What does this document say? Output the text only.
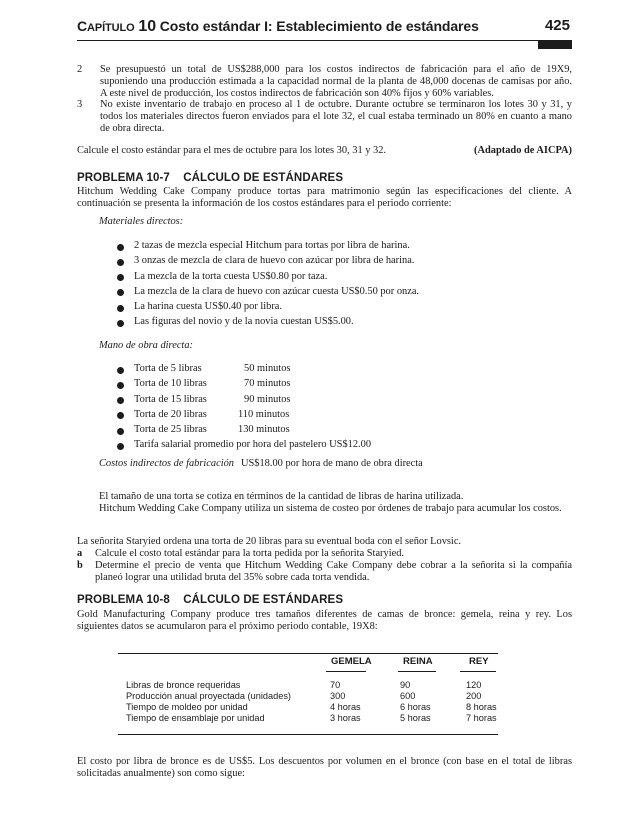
CAPÍTULO 10 Costo estándar I: Establecimiento de estándares	425
2	Se presupuestó un total de US$288,000 para los costos indirectos de fabricación para el año de 19X9, suponiendo una producción estimada a la capacidad normal de la planta de 48,000 docenas de camisas por año. A este nivel de producción, los costos indirectos de fabricación son 40% fijos y 60% variables.
3	No existe inventario de trabajo en proceso al 1 de octubre. Durante octubre se terminaron los lotes 30 y 31, y todos los materiales directos fueron enviados para el lote 32, el cual estaba terminado un 80% en cuanto a mano de obra directa.
Calcule el costo estándar para el mes de octubre para los lotes 30, 31 y 32.	(Adaptado de AICPA)
PROBLEMA 10-7 CÁLCULO DE ESTÁNDARES
Hitchum Wedding Cake Company produce tortas para matrimonio según las especificaciones del cliente. A continuación se presenta la información de los costos estándares para el periodo corriente:
Materiales directos:
2 tazas de mezcla especial Hitchum para tortas por libra de harina.
3 onzas de mezcla de clara de huevo con azúcar por libra de harina.
La mezcla de la torta cuesta US$0.80 por taza.
La mezcla de la clara de huevo con azúcar cuesta US$0.50 por onza.
La harina cuesta US$0.40 por libra.
Las figuras del novio y de la novia cuestan US$5.00.
Mano de obra directa:
Torta de 5 libras	50 minutos
Torta de 10 libras	70 minutos
Torta de 15 libras	90 minutos
Torta de 20 libras	110 minutos
Torta de 25 libras	130 minutos
Tarifa salarial promedio por hora del pastelero US$12.00
Costos indirectos de fabricación US$18.00 por hora de mano de obra directa
El tamaño de una torta se cotiza en términos de la cantidad de libras de harina utilizada.
Hitchum Wedding Cake Company utiliza un sistema de costeo por órdenes de trabajo para acumular los costos.
La señorita Staryied ordena una torta de 20 libras para su eventual boda con el señor Lovsic.
a	Calcule el costo total estándar para la torta pedida por la señorita Staryied.
b	Determine el precio de venta que Hitchum Wedding Cake Company debe cobrar a la señorita si la compañía planeó lograr una utilidad bruta del 35% sobre cada torta vendida.
PROBLEMA 10-8 CÁLCULO DE ESTÁNDARES
Gold Manufacturing Company produce tres tamaños diferentes de camas de bronce: gemela, reina y rey. Los siguientes datos se acumularon para el próximo periodo contable, 19X8:
GEMELA	REINA	REY
Libras de bronce requeridas	70	90	120
Producción anual proyectada (unidades)	300	600	200
Tiempo de moldeo por unidad	4 horas	6 horas	8 horas
Tiempo de ensamblaje por unidad	3 horas	5 horas	7 horas
El costo por libra de bronce es de US$5. Los descuentos por volumen en el bronce (con base en el total de libras solicitadas anualmente) son como sigue:
